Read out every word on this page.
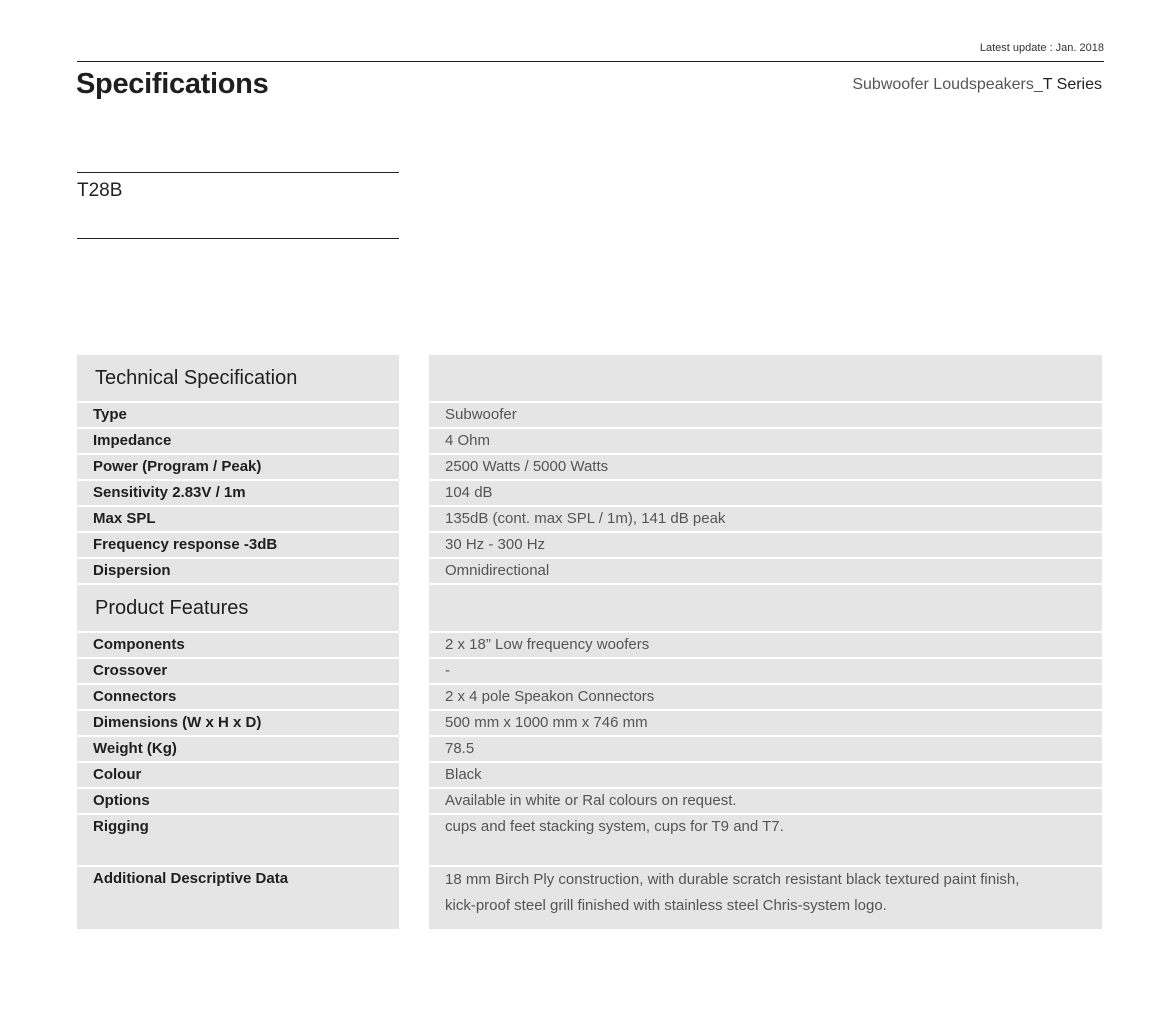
Latest update : Jan. 2018
Specifications	Subwoofer Loudspeakers_T Series
T28B
Technical Specification
Type	Subwoofer
Impedance	4 Ohm
Power (Program / Peak)	2500 Watts / 5000 Watts
Sensitivity 2.83V / 1m	104 dB
Max SPL	135dB (cont. max SPL / 1m), 141 dB peak
Frequency response -3dB	30 Hz - 300 Hz
Dispersion	Omnidirectional
Product Features
Components	2 x 18” Low frequency woofers
Crossover	-
Connectors	2 x 4 pole Speakon Connectors
Dimensions (W x H x D)	500 mm x 1000 mm x 746 mm
Weight (Kg)	78.5
Colour	Black
Options	Available in white or Ral colours on request.
Rigging	cups and feet stacking system, cups for T9 and T7.
Additional Descriptive Data	18 mm Birch Ply construction, with durable scratch resistant black textured paint finish,
kick-proof steel grill finished with stainless steel Chris-system logo.
